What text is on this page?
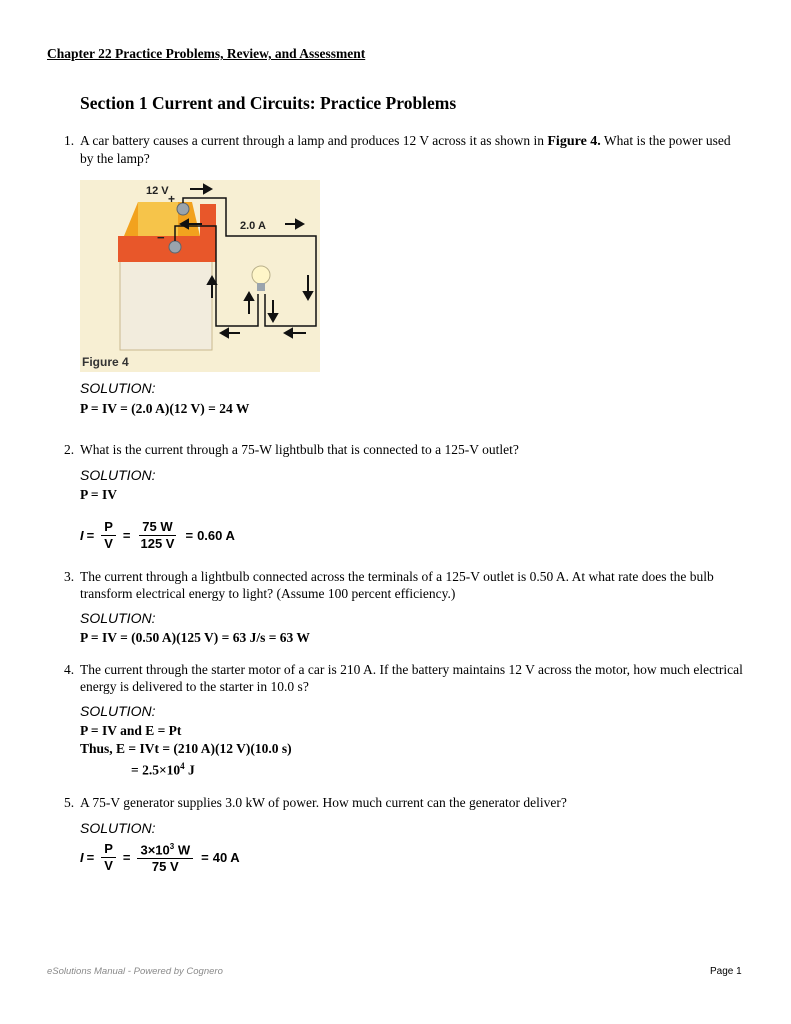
Chapter 22 Practice Problems, Review, and Assessment
Section 1 Current and Circuits: Practice Problems
1. A car battery causes a current through a lamp and produces 12 V across it as shown in Figure 4. What is the power used by the lamp?
+
−
12 V
2.0 A
Figure 4
SOLUTION:
P = IV = (2.0 A)(12 V) = 24 W
2. What is the current through a 75-W lightbulb that is connected to a 125-V outlet?
SOLUTION:
P = IV
$I = \frac{P}{V} = \frac{75 W}{125 V} = 0.60$ A
3. The current through a lightbulb connected across the terminals of a 125-V outlet is 0.50 A. At what rate does the bulb transform electrical energy to light? (Assume 100 percent efficiency.)
SOLUTION:
P = IV = (0.50 A)(125 V) = 63 J/s = 63 W
4. The current through the starter motor of a car is 210 A. If the battery maintains 12 V across the motor, how much electrical energy is delivered to the starter in 10.0 s?
SOLUTION:
P = IV and E = Pt
Thus, E = IVt = (210 A)(12 V)(10.0 s)
= $2.5\times 10^4$ J
5. A 75-V generator supplies 3.0 kW of power. How much current can the generator deliver?
SOLUTION:
$I = \frac{P}{V} = \frac{3\times 10^3 W}{75 V} = 40$ A
eSolutions Manual - Powered by Cognero	Page 1
